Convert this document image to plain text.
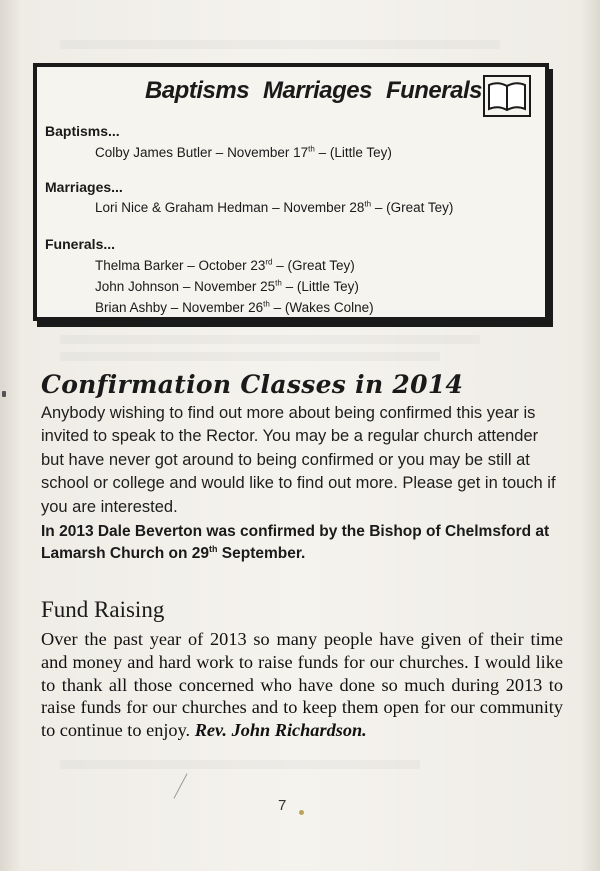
Baptisms Marriages Funerals
Baptisms...
Colby James Butler – November 17th – (Little Tey)
Marriages...
Lori Nice & Graham Hedman – November 28th – (Great Tey)
Funerals...
Thelma Barker – October 23rd – (Great Tey)
John Johnson – November 25th – (Little Tey)
Brian Ashby – November 26th – (Wakes Colne)
Confirmation Classes in 2014
Anybody wishing to find out more about being confirmed this year is invited to speak to the Rector. You may be a regular church attender but have never got around to being confirmed or you may be still at school or college and would like to find out more. Please get in touch if you are interested.
In 2013 Dale Beverton was confirmed by the Bishop of Chelmsford at Lamarsh Church on 29th September.
Fund Raising
Over the past year of 2013 so many people have given of their time and money and hard work to raise funds for our churches. I would like to thank all those concerned who have done so much during 2013 to raise funds for our churches and to keep them open for our community to continue to enjoy. Rev. John Richardson.
7
